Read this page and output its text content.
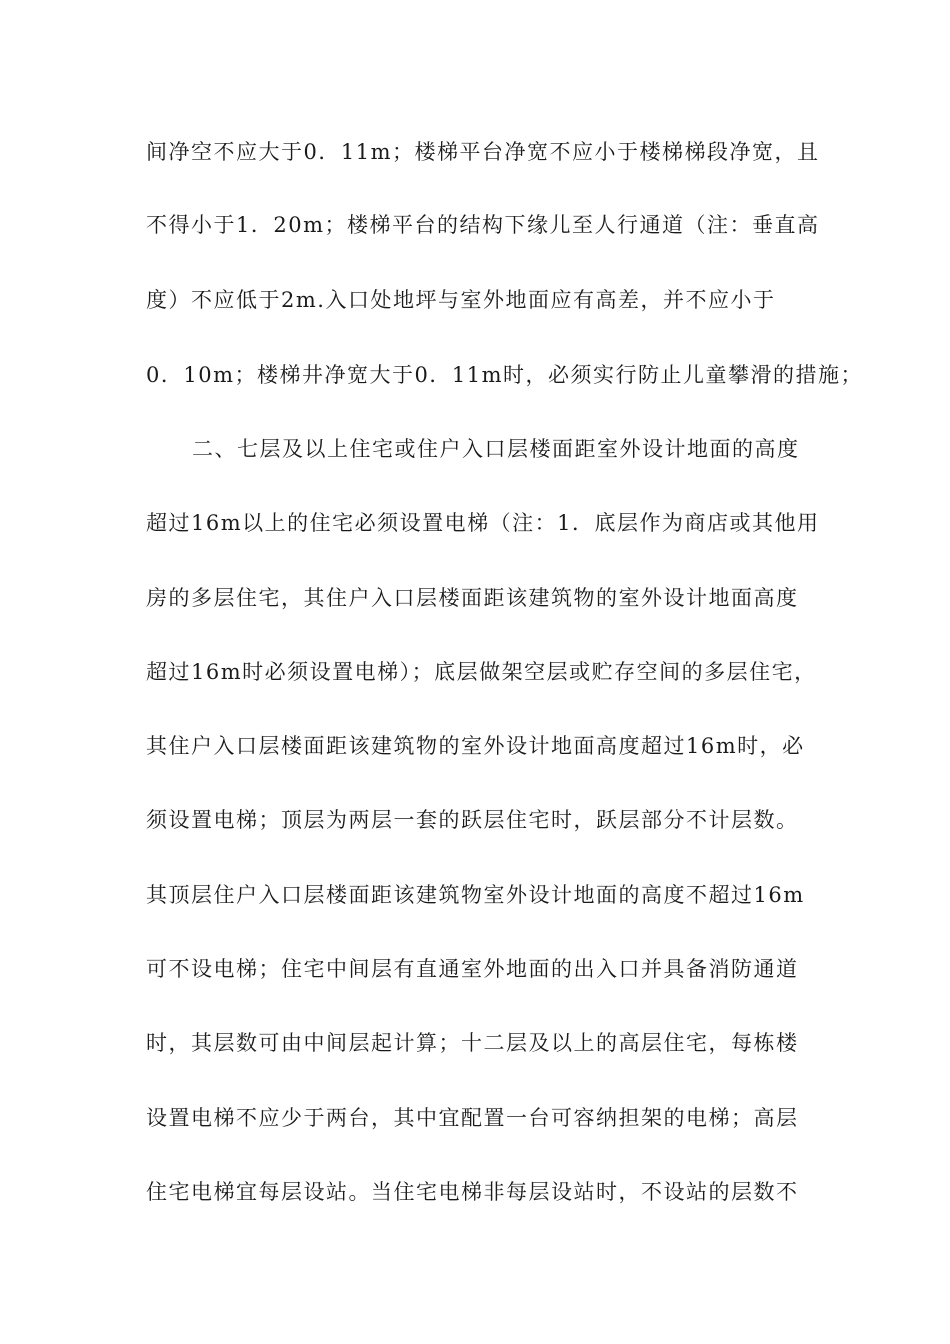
间净空不应大于0．11m；楼梯平台净宽不应小于楼梯梯段净宽，且
不得小于1．20m；楼梯平台的结构下缘儿至人行通道（注：垂直高
度）不应低于2m.入口处地坪与室外地面应有高差，并不应小于
0．10m；楼梯井净宽大于0．11m时，必须实行防止儿童攀滑的措施；
二、七层及以上住宅或住户入口层楼面距室外设计地面的高度
超过16m以上的住宅必须设置电梯（注：1．底层作为商店或其他用
房的多层住宅，其住户入口层楼面距该建筑物的室外设计地面高度
超过16m时必须设置电梯）；底层做架空层或贮存空间的多层住宅，
其住户入口层楼面距该建筑物的室外设计地面高度超过16m时，必
须设置电梯；顶层为两层一套的跃层住宅时，跃层部分不计层数。
其顶层住户入口层楼面距该建筑物室外设计地面的高度不超过16m
可不设电梯；住宅中间层有直通室外地面的出入口并具备消防通道
时，其层数可由中间层起计算；十二层及以上的高层住宅，每栋楼
设置电梯不应少于两台，其中宜配置一台可容纳担架的电梯；高层
住宅电梯宜每层设站。当住宅电梯非每层设站时，不设站的层数不
